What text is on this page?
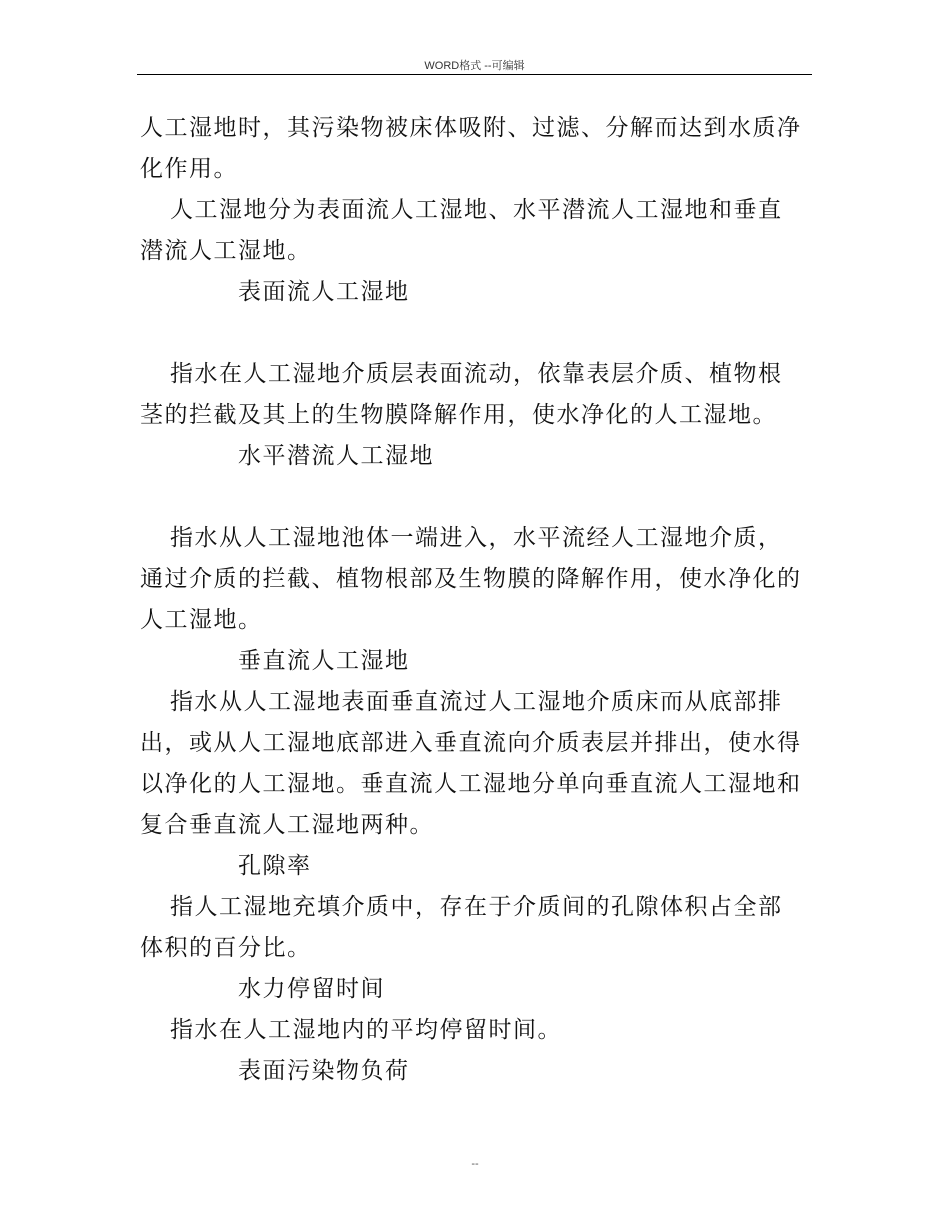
WORD格式 --可编辑
人工湿地时，其污染物被床体吸附、过滤、分解而达到水质净
化作用。
人工湿地分为表面流人工湿地、水平潜流人工湿地和垂直
潜流人工湿地。
表面流人工湿地
指水在人工湿地介质层表面流动，依靠表层介质、植物根
茎的拦截及其上的生物膜降解作用，使水净化的人工湿地。
水平潜流人工湿地
指水从人工湿地池体一端进入，水平流经人工湿地介质，
通过介质的拦截、植物根部及生物膜的降解作用，使水净化的
人工湿地。
垂直流人工湿地
指水从人工湿地表面垂直流过人工湿地介质床而从底部排
出，或从人工湿地底部进入垂直流向介质表层并排出，使水得
以净化的人工湿地。垂直流人工湿地分单向垂直流人工湿地和
复合垂直流人工湿地两种。
孔隙率
指人工湿地充填介质中，存在于介质间的孔隙体积占全部
体积的百分比。
水力停留时间
指水在人工湿地内的平均停留时间。
表面污染物负荷
--
